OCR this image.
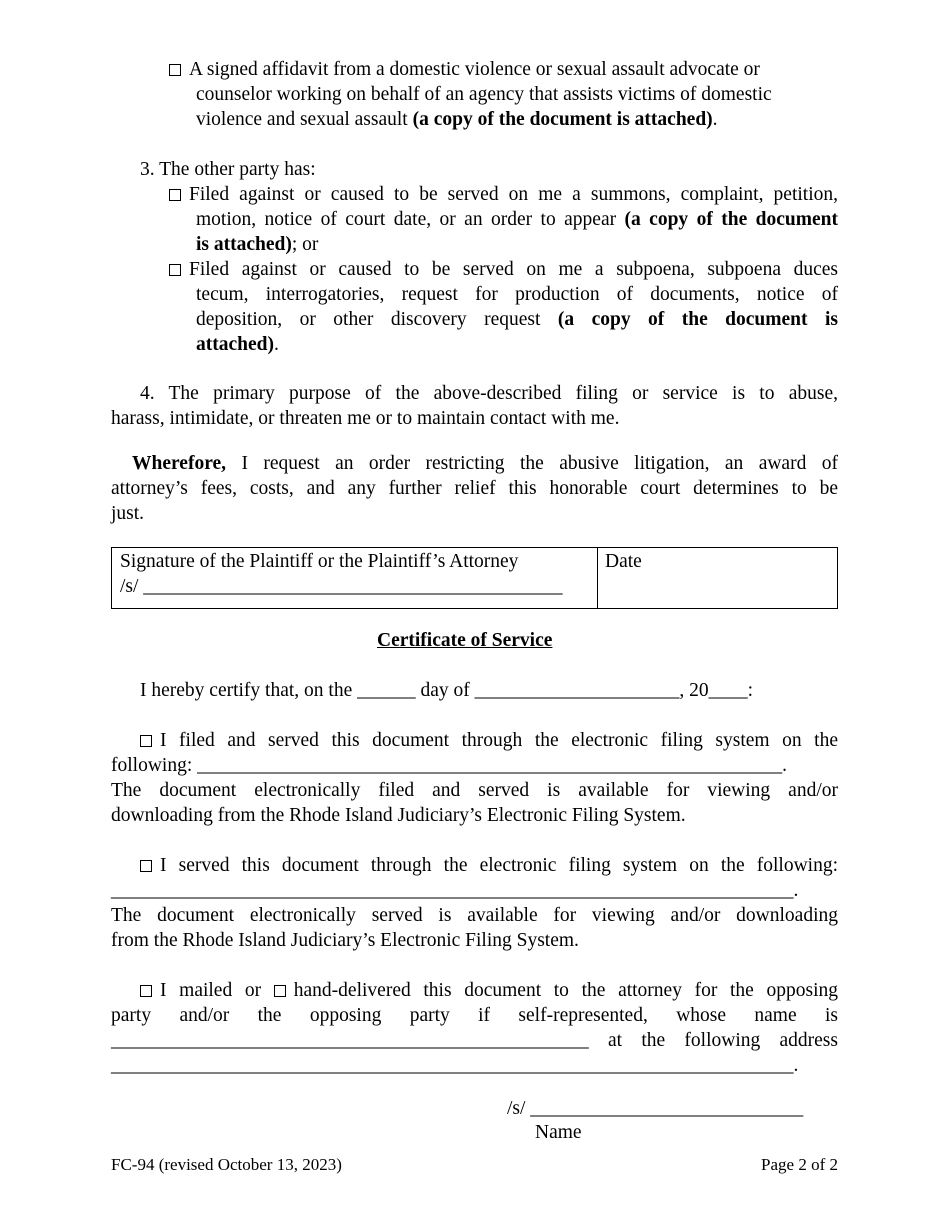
A signed affidavit from a domestic violence or sexual assault advocate or
counselor working on behalf of an agency that assists victims of domestic
violence and sexual assault (a copy of the document is attached).
3. The other party has:
Filed against or caused to be served on me a summons, complaint, petition,
motion, notice of court date, or an order to appear (a copy of the document
is attached); or
Filed against or caused to be served on me a subpoena, subpoena duces
tecum, interrogatories, request for production of documents, notice of
deposition, or other discovery request (a copy of the document is
attached).
4. The primary purpose of the above-described filing or service is to abuse,
harass, intimidate, or threaten me or to maintain contact with me.
Wherefore, I request an order restricting the abusive litigation, an award of
attorney’s fees, costs, and any further relief this honorable court determines to be
just.
Signature of the Plaintiff or the Plaintiff’s Attorney
/s/ ___________________________________________
Date
Certificate of Service
I hereby certify that, on the ______ day of _____________________, 20____:
I filed and served this document through the electronic filing system on the
following: ____________________________________________________________.
The document electronically filed and served is available for viewing and/or
downloading from the Rhode Island Judiciary’s Electronic Filing System.
I served this document through the electronic filing system on the following:
______________________________________________________________________.
The document electronically served is available for viewing and/or downloading
from the Rhode Island Judiciary’s Electronic Filing System.
I mailed or hand-delivered this document to the attorney for the opposing
party and/or the opposing party if self-represented, whose name is
_________________________________________________ at the following address
______________________________________________________________________.
/s/ ____________________________
Name
FC-94 (revised October 13, 2023)	Page 2 of 2
